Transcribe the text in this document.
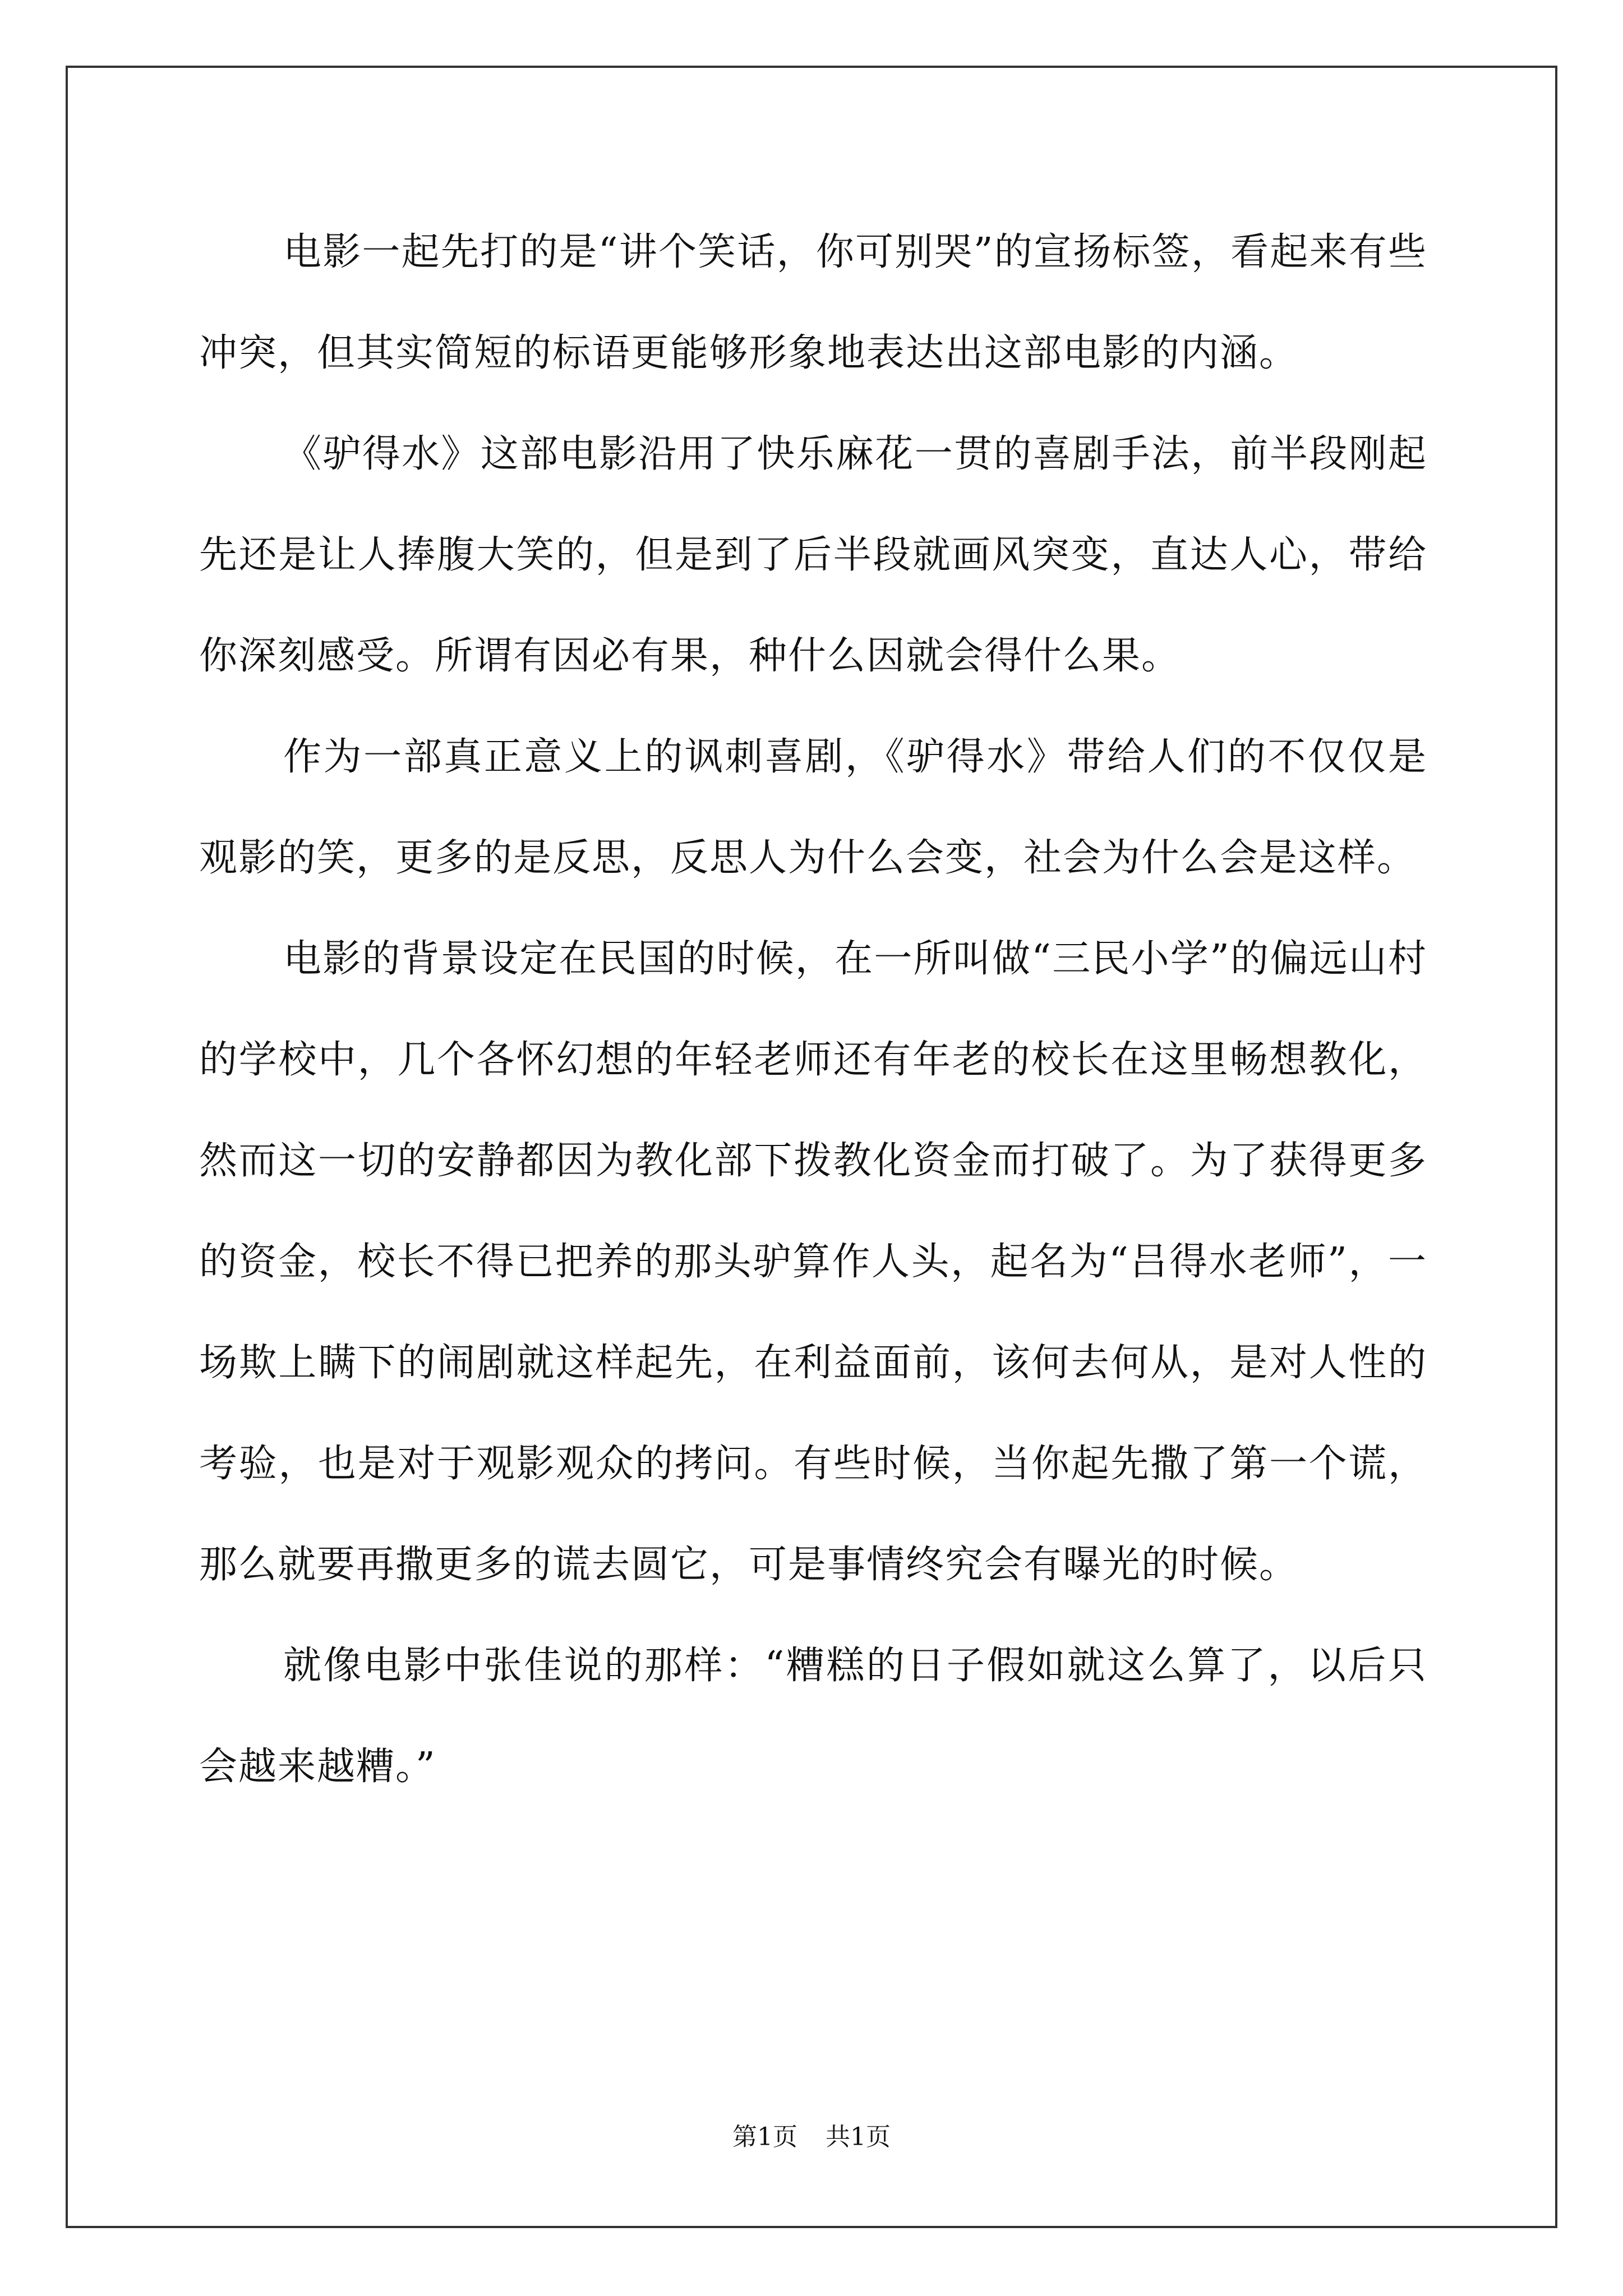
电影一起先打的是“讲个笑话，你可别哭”的宣扬标签，看起来有些冲突，但其实简短的标语更能够形象地表达出这部电影的内涵。

《驴得水》这部电影沿用了快乐麻花一贯的喜剧手法，前半段刚起先还是让人捧腹大笑的，但是到了后半段就画风突变，直达人心，带给你深刻感受。所谓有因必有果，种什么因就会得什么果。

作为一部真正意义上的讽刺喜剧，《驴得水》带给人们的不仅仅是观影的笑，更多的是反思，反思人为什么会变，社会为什么会是这样。

电影的背景设定在民国的时候，在一所叫做“三民小学”的偏远山村的学校中，几个各怀幻想的年轻老师还有年老的校长在这里畅想教化，然而这一切的安静都因为教化部下拨教化资金而打破了。为了获得更多的资金，校长不得已把养的那头驴算作人头，起名为“吕得水老师”，一场欺上瞒下的闹剧就这样起先，在利益面前，该何去何从，是对人性的考验，也是对于观影观众的拷问。有些时候，当你起先撒了第一个谎，那么就要再撒更多的谎去圆它，可是事情终究会有曝光的时候。

就像电影中张佳说的那样：“糟糕的日子假如就这么算了，以后只会越来越糟。”

第1页 共1页
